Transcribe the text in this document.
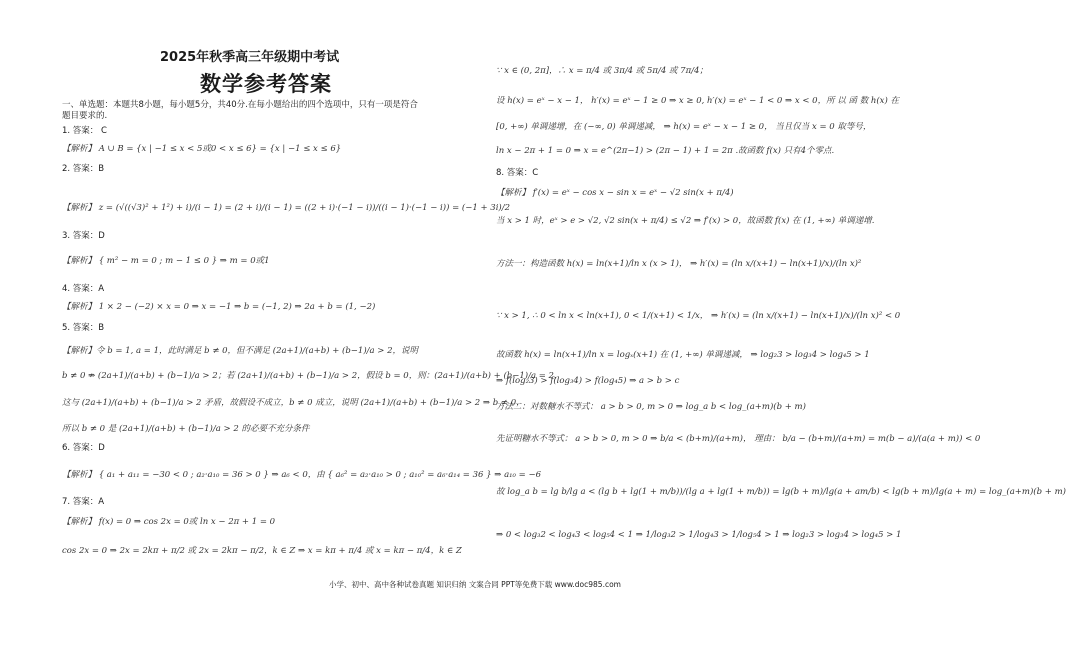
2025年秋季高三年级期中考试
数学参考答案
一、单选题：本题共8小题，每小题5分，共40分.在每小题给出的四个选项中，只有一项是符合
题目要求的.
1. 答案： C
【解析】 A ∪ B = {x | −1 ≤ x < 5或0 < x ≤ 6} = {x | −1 ≤ x ≤ 6}
2. 答案：B
【解析】 z = (√((√3)² + 1²) + i)/(i − 1) = (2 + i)/(i − 1) = ((2 + i)·(−1 − i))/((i − 1)·(−1 − i)) = (−1 + 3i)/2
3. 答案：D
【解析】 { m² − m = 0 ; m − 1 ≤ 0 } ⇒ m = 0或1
4. 答案：A
【解析】 1 × 2 − (−2) × x = 0 ⇒ x = −1 ⇒ b = (−1, 2) ⇒ 2a + b = (1, −2)
5. 答案：B
【解析】令 b = 1, a = 1，此时满足 b ≠ 0，但不满足 (2a+1)/(a+b) + (b−1)/a > 2，说明
b ≠ 0 ⇏ (2a+1)/(a+b) + (b−1)/a > 2；若 (2a+1)/(a+b) + (b−1)/a > 2，假设 b = 0，则：(2a+1)/(a+b) + (b−1)/a = 2，
这与 (2a+1)/(a+b) + (b−1)/a > 2 矛盾，故假设不成立，b ≠ 0 成立，说明 (2a+1)/(a+b) + (b−1)/a > 2 ⇒ b ≠ 0，
所以 b ≠ 0 是 (2a+1)/(a+b) + (b−1)/a > 2 的必要不充分条件
6. 答案：D
【解析】 { a₁ + a₁₁ = −30 < 0 ; a₂·a₁₀ = 36 > 0 } ⇒ a₆ < 0，由 { a₆² = a₂·a₁₀ > 0 ; a₁₀² = a₆·a₁₄ = 36 } ⇒ a₁₀ = −6
7. 答案：A
【解析】 f(x) = 0 ⇒ cos 2x = 0或 ln x − 2π + 1 = 0
cos 2x = 0 ⇒ 2x = 2kπ + π/2 或 2x = 2kπ − π/2，k ∈ Z ⇒ x = kπ + π/4 或 x = kπ − π/4，k ∈ Z
∵ x ∈ (0, 2π]，∴ x = π/4 或 3π/4 或 5π/4 或 7π/4；
设 h(x) = eˣ − x − 1， h′(x) = eˣ − 1 ≥ 0 ⇒ x ≥ 0, h′(x) = eˣ − 1 < 0 ⇒ x < 0，所 以 函 数 h(x) 在
[0, +∞) 单调递增，在 (−∞, 0) 单调递减， ⇒ h(x) = eˣ − x − 1 ≥ 0， 当且仅当 x = 0 取等号，
ln x − 2π + 1 = 0 ⇒ x = e^(2π−1) > (2π − 1) + 1 = 2π .故函数 f(x) 只有4个零点.
8. 答案：C
【解析】 f′(x) = eˣ − cos x − sin x = eˣ − √2 sin(x + π/4)
当 x > 1 时，eˣ > e > √2, √2 sin(x + π/4) ≤ √2 ⇒ f′(x) > 0，故函数 f(x) 在 (1, +∞) 单调递增.
方法一：构造函数 h(x) = ln(x+1)/ln x (x > 1)， ⇒ h′(x) = (ln x/(x+1) − ln(x+1)/x)/(ln x)²
∵ x > 1, ∴ 0 < ln x < ln(x+1), 0 < 1/(x+1) < 1/x， ⇒ h′(x) = (ln x/(x+1) − ln(x+1)/x)/(ln x)² < 0
故函数 h(x) = ln(x+1)/ln x = logₓ(x+1) 在 (1, +∞) 单调递减， ⇒ log₂3 > log₃4 > log₄5 > 1
⇒ f(log₂3) > f(log₃4) > f(log₄5) ⇒ a > b > c
方法二：对数糖水不等式： a > b > 0, m > 0 ⇒ log_a b < log_(a+m)(b + m)
先证明糖水不等式： a > b > 0, m > 0 ⇒ b/a < (b+m)/(a+m)， 理由： b/a − (b+m)/(a+m) = m(b − a)/(a(a + m)) < 0
故 log_a b = lg b/lg a < (lg b + lg(1 + m/b))/(lg a + lg(1 + m/b)) = lg(b + m)/lg(a + am/b) < lg(b + m)/lg(a + m) = log_(a+m)(b + m)
⇒ 0 < log₃2 < log₄3 < log₅4 < 1 ⇒ 1/log₃2 > 1/log₄3 > 1/log₅4 > 1 ⇒ log₂3 > log₃4 > log₄5 > 1
小学、初中、高中各种试卷真题 知识归纳 文案合同 PPT等免费下载 www.doc985.com
